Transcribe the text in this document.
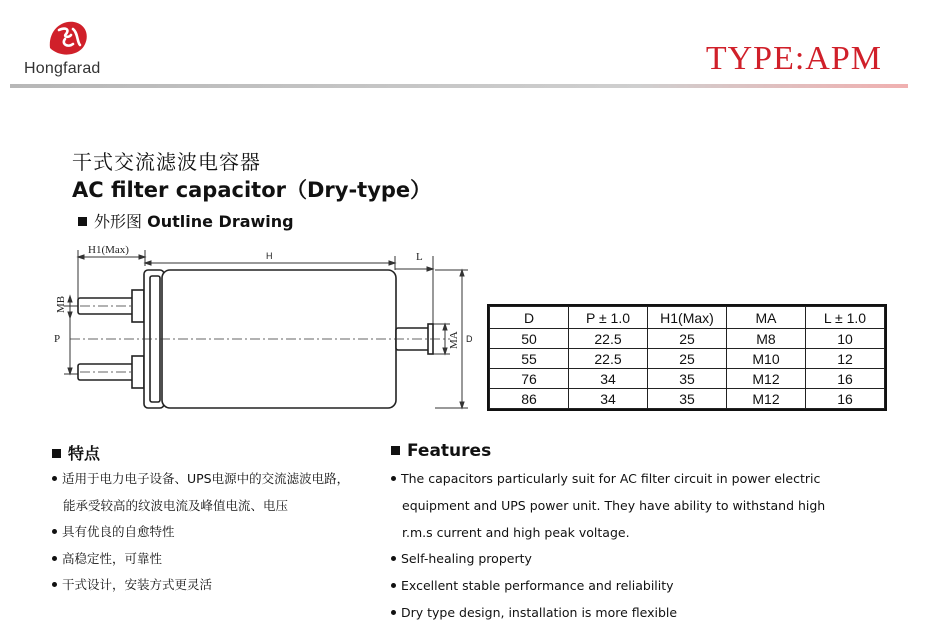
Hongfarad	TYPE:APM
干式交流滤波电容器
AC filter capacitor（Dry-type）
外形图 Outline Drawing
H1(Max)	H	L
MB
P	MA D
D	P ± 1.0	H1(Max)	MA	L ± 1.0
50	22.5	25	M8	10
55	22.5	25	M10	12
76	34	35	M12	16
86	34	35	M12	16
特点	Features
适用于电力电子设备、UPS电源中的交流滤波电路，
能承受较高的纹波电流及峰值电流、电压
具有优良的自愈特性
高稳定性，可靠性
干式设计，安装方式更灵活
The capacitors particularly suit for AC filter circuit in power electric
equipment and UPS power unit. They have ability to withstand high
r.m.s current and high peak voltage.
Self-healing property
Excellent stable performance and reliability
Dry type design, installation is more flexible
